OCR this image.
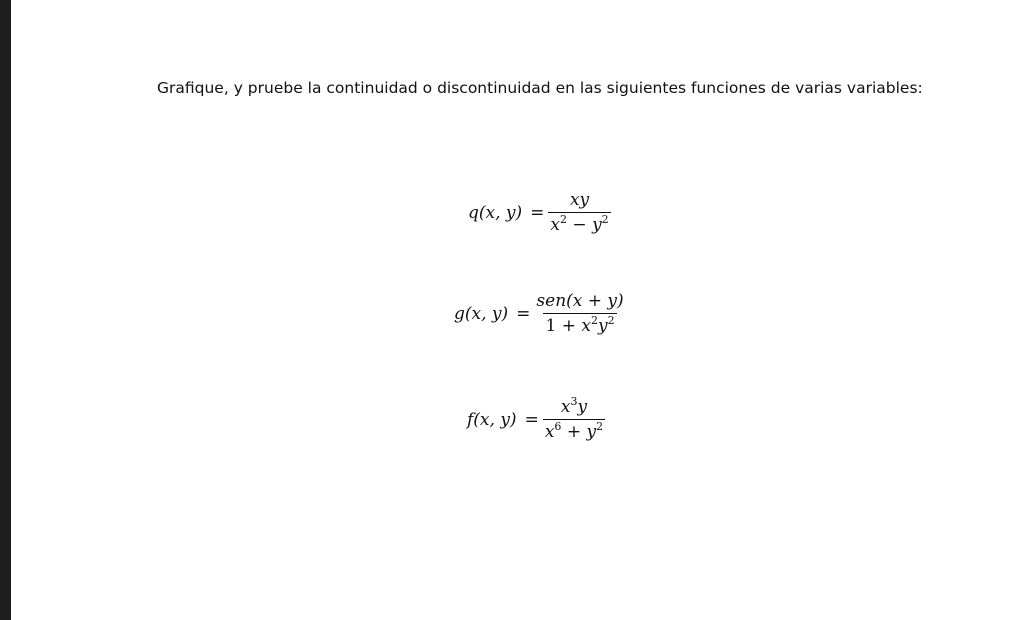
Grafique, y pruebe la continuidad o discontinuidad en las siguientes funciones de varias variables:
q(x, $y) = \frac{xy}{x^2 - y^2}$
g(x, $y) = \frac{\text{sen(x + y)}}{1 + x^2y^2}$
f(x, $y) = \frac{x^3y}{x^6 + y^2}$
